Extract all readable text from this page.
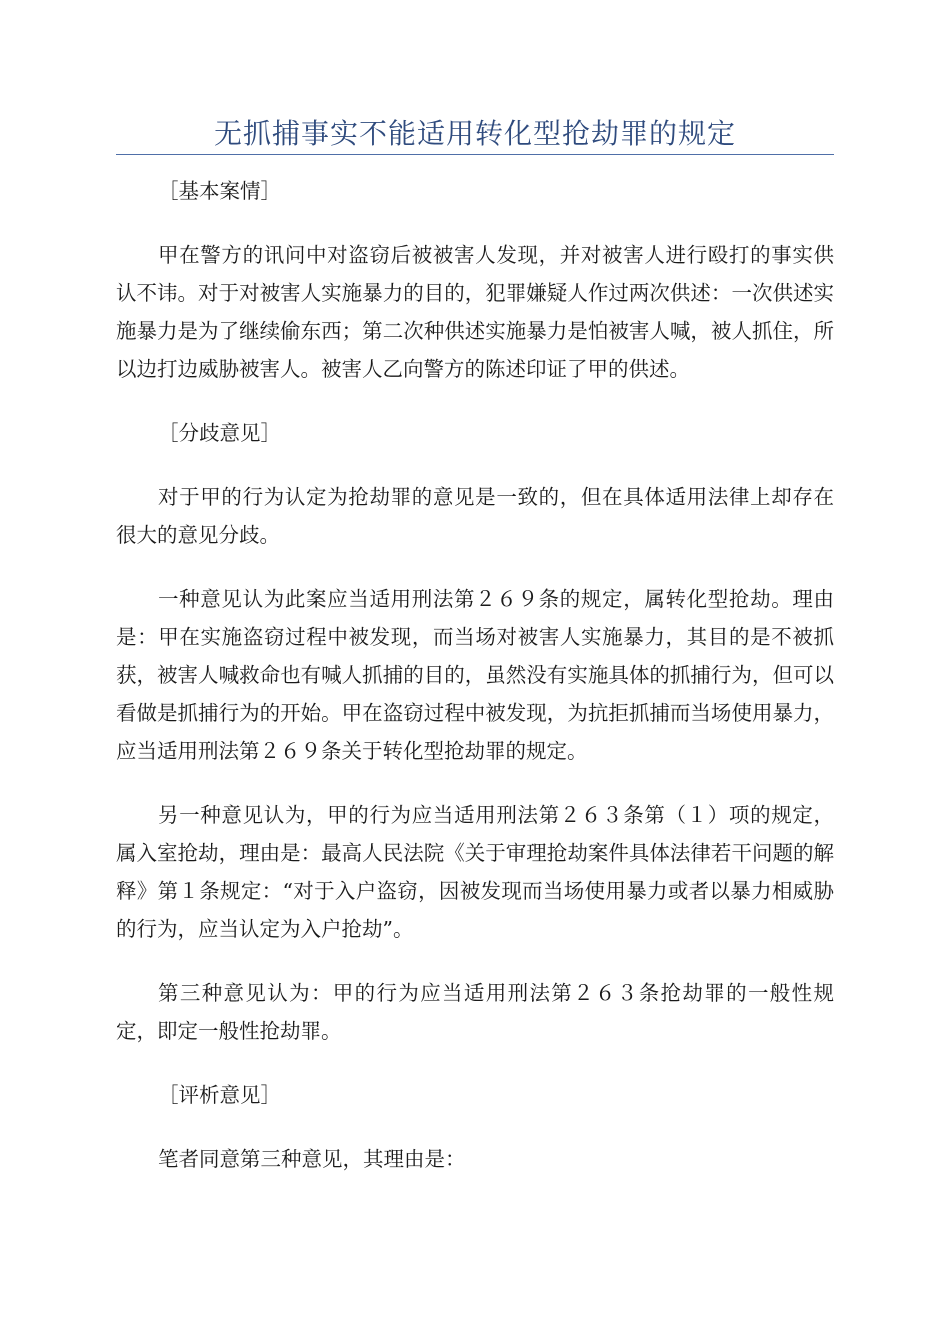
无抓捕事实不能适用转化型抢劫罪的规定

［基本案情］

甲在警方的讯问中对盗窃后被被害人发现，并对被害人进行殴打的事实供认不讳。对于对被害人实施暴力的目的，犯罪嫌疑人作过两次供述：一次供述实施暴力是为了继续偷东西；第二次种供述实施暴力是怕被害人喊，被人抓住，所以边打边威胁被害人。被害人乙向警方的陈述印证了甲的供述。

［分歧意见］

对于甲的行为认定为抢劫罪的意见是一致的，但在具体适用法律上却存在很大的意见分歧。

一种意见认为此案应当适用刑法第２６９条的规定，属转化型抢劫。理由是：甲在实施盗窃过程中被发现，而当场对被害人实施暴力，其目的是不被抓获，被害人喊救命也有喊人抓捕的目的，虽然没有实施具体的抓捕行为，但可以看做是抓捕行为的开始。甲在盗窃过程中被发现，为抗拒抓捕而当场使用暴力，应当适用刑法第２６９条关于转化型抢劫罪的规定。

另一种意见认为，甲的行为应当适用刑法第２６３条第（１）项的规定，属入室抢劫，理由是：最高人民法院《关于审理抢劫案件具体法律若干问题的解释》第１条规定：“对于入户盗窃，因被发现而当场使用暴力或者以暴力相威胁的行为，应当认定为入户抢劫”。

第三种意见认为：甲的行为应当适用刑法第２６３条抢劫罪的一般性规定，即定一般性抢劫罪。

［评析意见］

笔者同意第三种意见，其理由是：
